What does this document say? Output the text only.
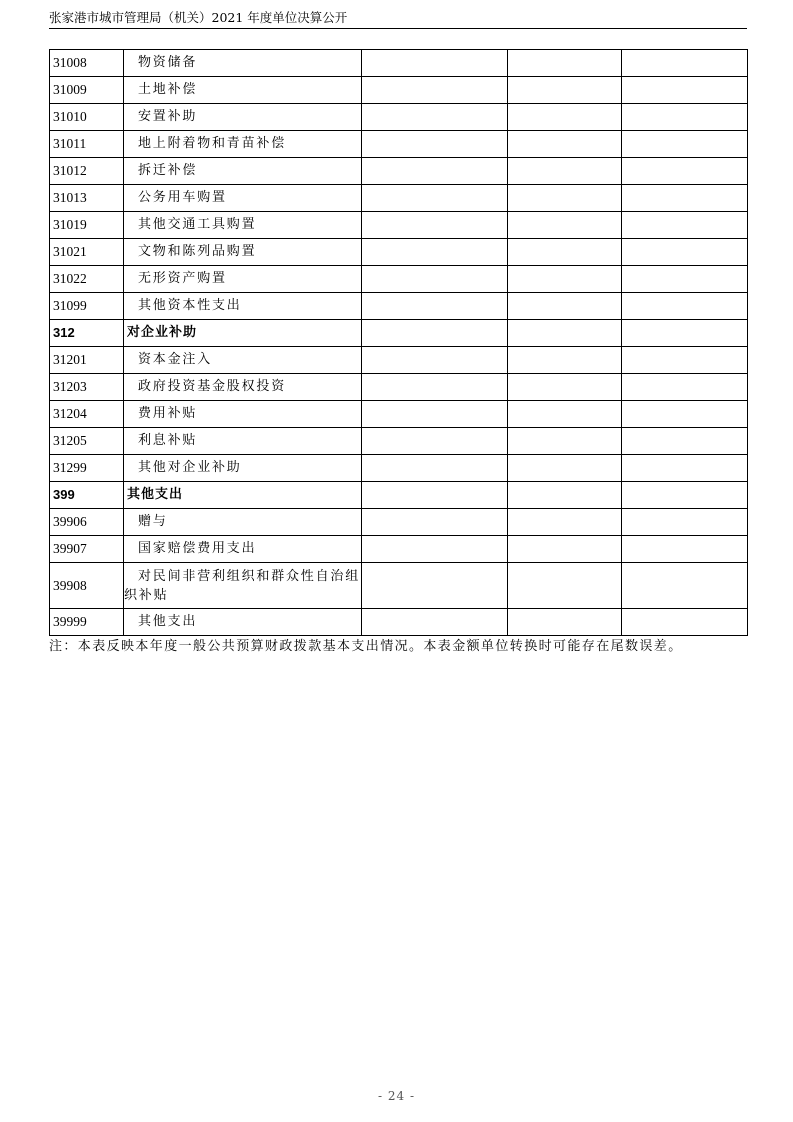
张家港市城市管理局（机关）2021 年度单位决算公开
31008	物资储备			

31009	土地补偿			

31010	安置补助			

31011	地上附着物和青苗补偿			

31012	拆迁补偿			

31013	公务用车购置			

31019	其他交通工具购置			

31021	文物和陈列品购置			

31022	无形资产购置			

31099	其他资本性支出			

312	对企业补助			

31201	资本金注入			

31203	政府投资基金股权投资			

31204	费用补贴			

31205	利息补贴			

31299	其他对企业补助			

399	其他支出			

39906	赠与			

39907	国家赔偿费用支出			

39908	对民间非营利组织和群众性自治组织补贴			

39999	其他支出			

注：本表反映本年度一般公共预算财政拨款基本支出情况。本表金额单位转换时可能存在尾数误差。
- 24 -
